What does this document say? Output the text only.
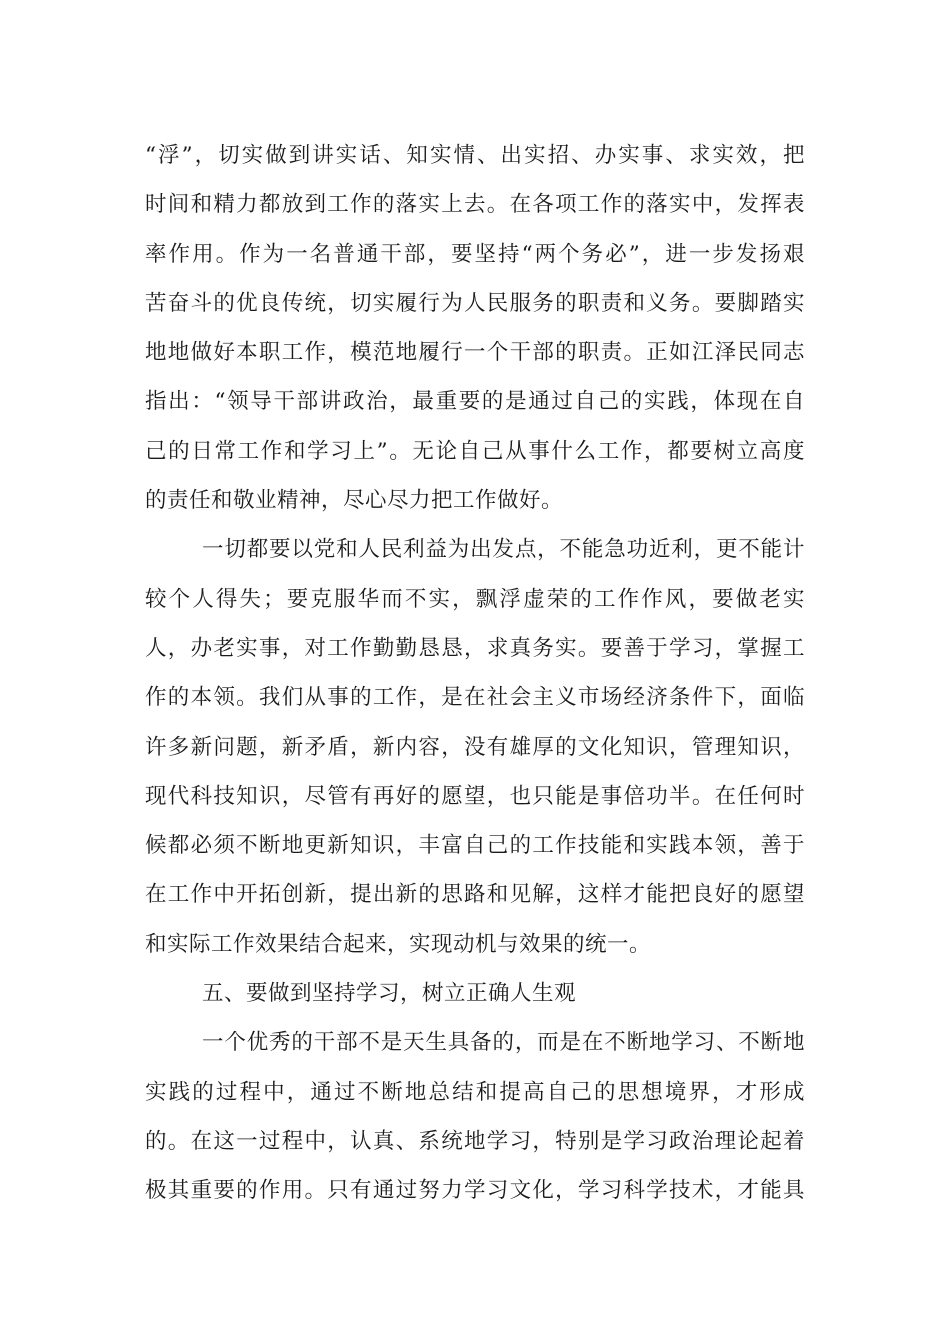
“浮”，切实做到讲实话、知实情、出实招、办实事、求实效，把
时间和精力都放到工作的落实上去。在各项工作的落实中，发挥表
率作用。作为一名普通干部，要坚持“两个务必”，进一步发扬艰
苦奋斗的优良传统，切实履行为人民服务的职责和义务。要脚踏实
地地做好本职工作，模范地履行一个干部的职责。正如江泽民同志
指出：“领导干部讲政治，最重要的是通过自己的实践，体现在自
己的日常工作和学习上”。无论自己从事什么工作，都要树立高度
的责任和敬业精神，尽心尽力把工作做好。
一切都要以党和人民利益为出发点，不能急功近利，更不能计
较个人得失；要克服华而不实，飘浮虚荣的工作作风，要做老实
人，办老实事，对工作勤勤恳恳，求真务实。要善于学习，掌握工
作的本领。我们从事的工作，是在社会主义市场经济条件下，面临
许多新问题，新矛盾，新内容，没有雄厚的文化知识，管理知识，
现代科技知识，尽管有再好的愿望，也只能是事倍功半。在任何时
候都必须不断地更新知识，丰富自己的工作技能和实践本领，善于
在工作中开拓创新，提出新的思路和见解，这样才能把良好的愿望
和实际工作效果结合起来，实现动机与效果的统一。
五、要做到坚持学习，树立正确人生观
一个优秀的干部不是天生具备的，而是在不断地学习、不断地
实践的过程中，通过不断地总结和提高自己的思想境界，才形成
的。在这一过程中，认真、系统地学习，特别是学习政治理论起着
极其重要的作用。只有通过努力学习文化，学习科学技术，才能具
